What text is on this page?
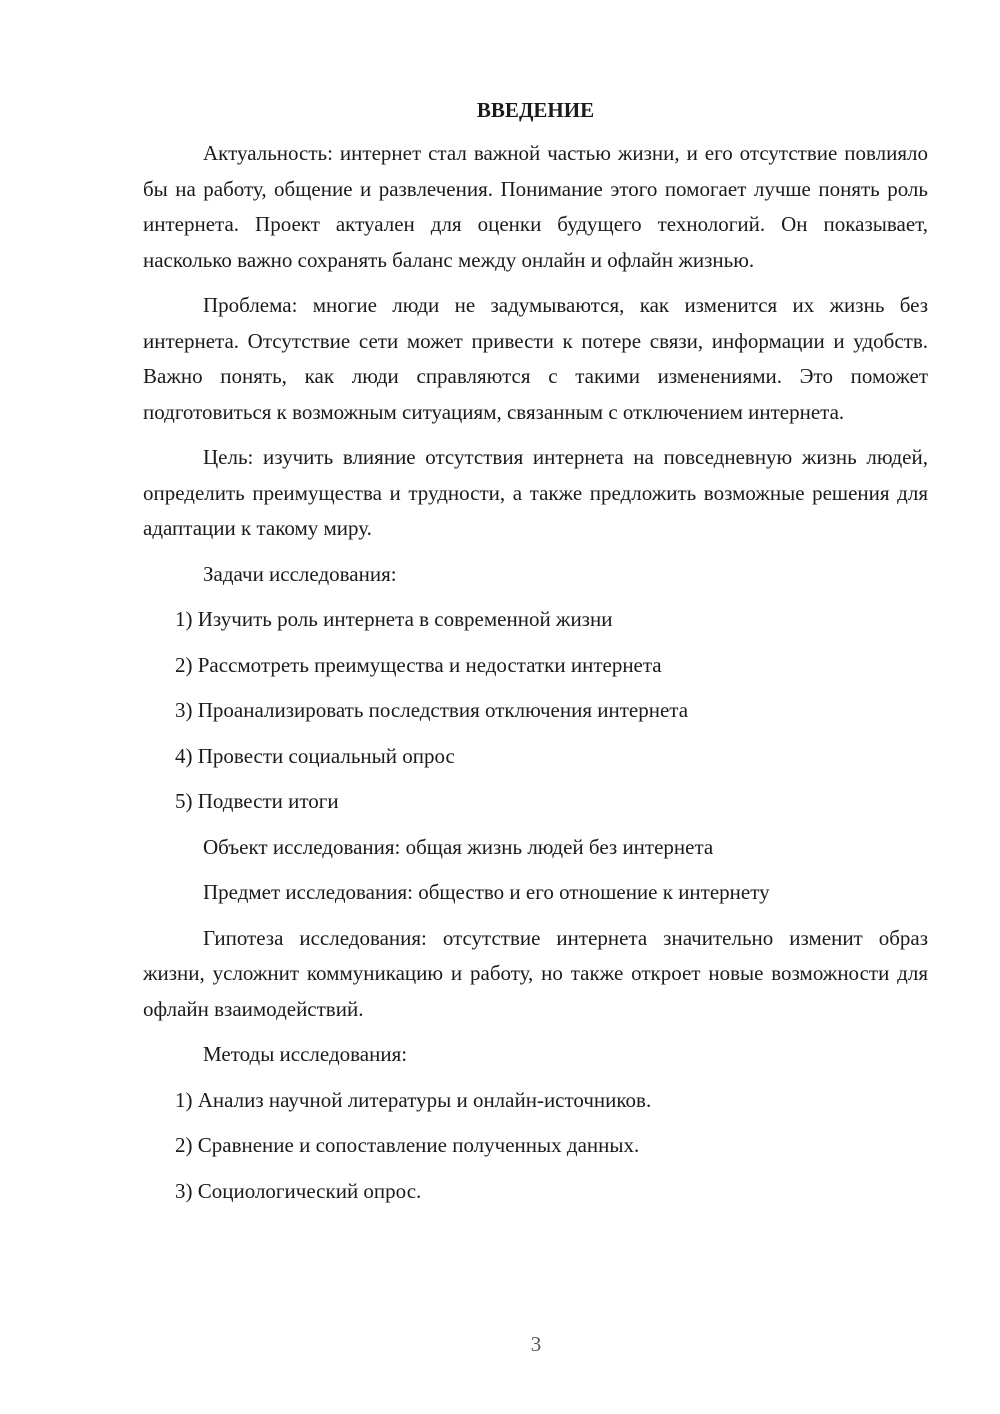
ВВЕДЕНИЕ

Актуальность: интернет стал важной частью жизни, и его отсутствие повлияло бы на работу, общение и развлечения. Понимание этого помогает лучше понять роль интернета. Проект актуален для оценки будущего технологий. Он показывает, насколько важно сохранять баланс между онлайн и офлайн жизнью.

Проблема: многие люди не задумываются, как изменится их жизнь без интернета. Отсутствие сети может привести к потере связи, информации и удобств. Важно понять, как люди справляются с такими изменениями. Это поможет подготовиться к возможным ситуациям, связанным с отключением интернета.

Цель: изучить влияние отсутствия интернета на повседневную жизнь людей, определить преимущества и трудности, а также предложить возможные решения для адаптации к такому миру.

Задачи исследования:

1) Изучить роль интернета в современной жизни

2) Рассмотреть преимущества и недостатки интернета

3) Проанализировать последствия отключения интернета

4) Провести социальный опрос

5) Подвести итоги

Объект исследования: общая жизнь людей без интернета

Предмет исследования: общество и его отношение к интернету

Гипотеза исследования: отсутствие интернета значительно изменит образ жизни, усложнит коммуникацию и работу, но также откроет новые возможности для офлайн взаимодействий.

Методы исследования:

1) Анализ научной литературы и онлайн-источников.

2) Сравнение и сопоставление полученных данных.

3) Социологический опрос.

3
